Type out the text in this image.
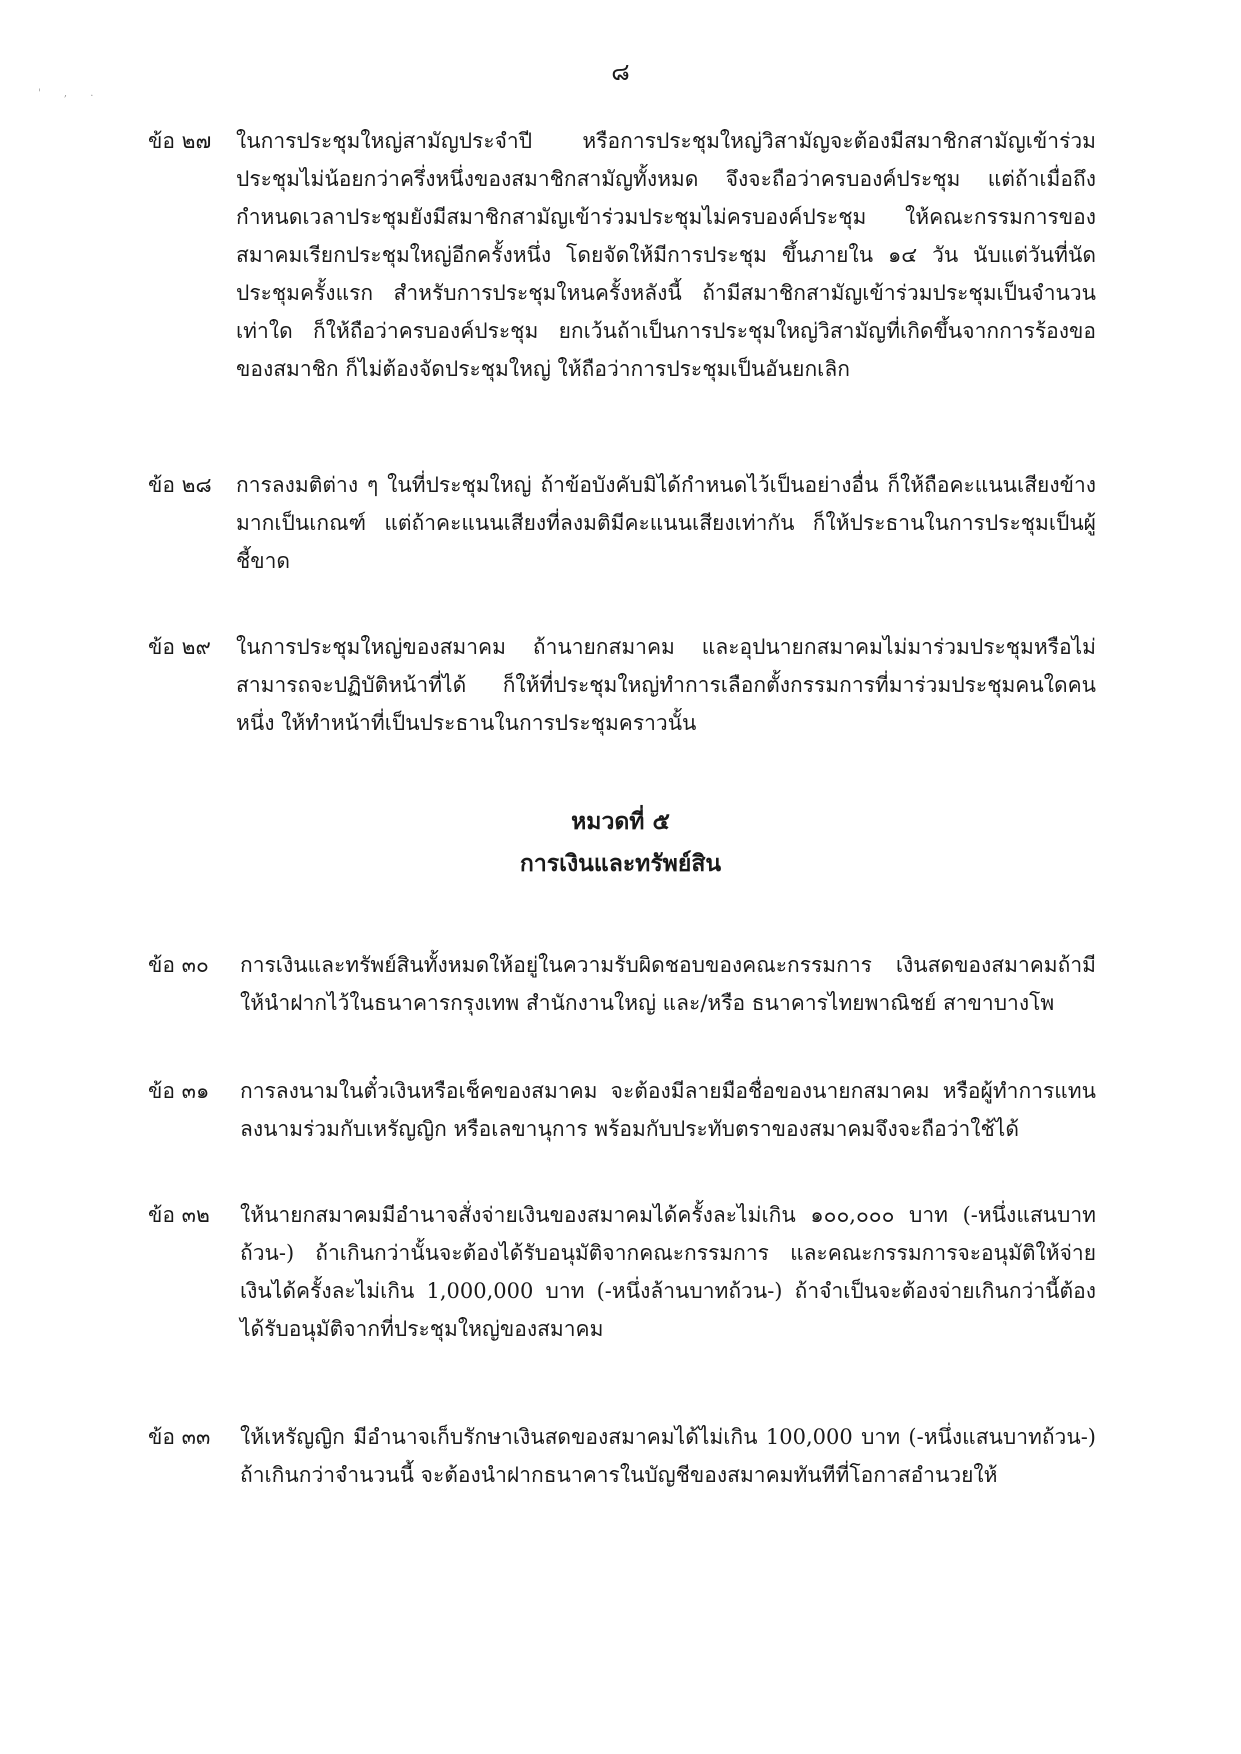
๘
' , .
ข้อ ๒๗ ในการประชุมใหญ่สามัญประจำปี หรือการประชุมใหญ่วิสามัญจะต้องมีสมาชิกสามัญเข้าร่วมประชุมไม่น้อยกว่าครึ่งหนึ่งของสมาชิกสามัญทั้งหมด จึงจะถือว่าครบองค์ประชุม แต่ถ้าเมื่อถึงกำหนดเวลาประชุมยังมีสมาชิกสามัญเข้าร่วมประชุมไม่ครบองค์ประชุม ให้คณะกรรมการของสมาคมเรียกประชุมใหญ่อีกครั้งหนึ่ง โดยจัดให้มีการประชุม ขึ้นภายใน ๑๔ วัน นับแต่วันที่นัดประชุมครั้งแรก สำหรับการประชุมใหนครั้งหลังนี้ ถ้ามีสมาชิกสามัญเข้าร่วมประชุมเป็นจำนวนเท่าใด ก็ให้ถือว่าครบองค์ประชุม ยกเว้นถ้าเป็นการประชุมใหญ่วิสามัญที่เกิดขึ้นจากการร้องขอของสมาชิก ก็ไม่ต้องจัดประชุมใหญ่ ให้ถือว่าการประชุมเป็นอันยกเลิก
ข้อ ๒๘ การลงมติต่าง ๆ ในที่ประชุมใหญ่ ถ้าข้อบังคับมิได้กำหนดไว้เป็นอย่างอื่น ก็ให้ถือคะแนนเสียงข้างมากเป็นเกณฑ์ แต่ถ้าคะแนนเสียงที่ลงมติมีคะแนนเสียงเท่ากัน ก็ให้ประธานในการประชุมเป็นผู้ชี้ขาด
ข้อ ๒๙ ในการประชุมใหญ่ของสมาคม ถ้านายกสมาคม และอุปนายกสมาคมไม่มาร่วมประชุมหรือไม่สามารถจะปฏิบัติหน้าที่ได้ ก็ให้ที่ประชุมใหญ่ทำการเลือกตั้งกรรมการที่มาร่วมประชุมคนใดคนหนึ่ง ให้ทำหน้าที่เป็นประธานในการประชุมคราวนั้น
หมวดที่ ๕
การเงินและทรัพย์สิน
ข้อ ๓๐ การเงินและทรัพย์สินทั้งหมดให้อยู่ในความรับผิดชอบของคณะกรรมการ เงินสดของสมาคมถ้ามีให้นำฝากไว้ในธนาคารกรุงเทพ สำนักงานใหญ่ และ/หรือ ธนาคารไทยพาณิชย์ สาขาบางโพ
ข้อ ๓๑ การลงนามในตั๋วเงินหรือเช็คของสมาคม จะต้องมีลายมือชื่อของนายกสมาคม หรือผู้ทำการแทนลงนามร่วมกับเหรัญญิก หรือเลขานุการ พร้อมกับประทับตราของสมาคมจึงจะถือว่าใช้ได้
ข้อ ๓๒ ให้นายกสมาคมมีอำนาจสั่งจ่ายเงินของสมาคมได้ครั้งละไม่เกิน ๑๐๐,๐๐๐ บาท (-หนึ่งแสนบาทถ้วน-) ถ้าเกินกว่านั้นจะต้องได้รับอนุมัติจากคณะกรรมการ และคณะกรรมการจะอนุมัติให้จ่ายเงินได้ครั้งละไม่เกิน 1,000,000 บาท (-หนึ่งล้านบาทถ้วน-) ถ้าจำเป็นจะต้องจ่ายเกินกว่านี้ต้องได้รับอนุมัติจากที่ประชุมใหญ่ของสมาคม
ข้อ ๓๓ ให้เหรัญญิก มีอำนาจเก็บรักษาเงินสดของสมาคมได้ไม่เกิน 100,000 บาท (-หนึ่งแสนบาทถ้วน-) ถ้าเกินกว่าจำนวนนี้ จะต้องนำฝากธนาคารในบัญชีของสมาคมทันทีที่โอกาสอำนวยให้
